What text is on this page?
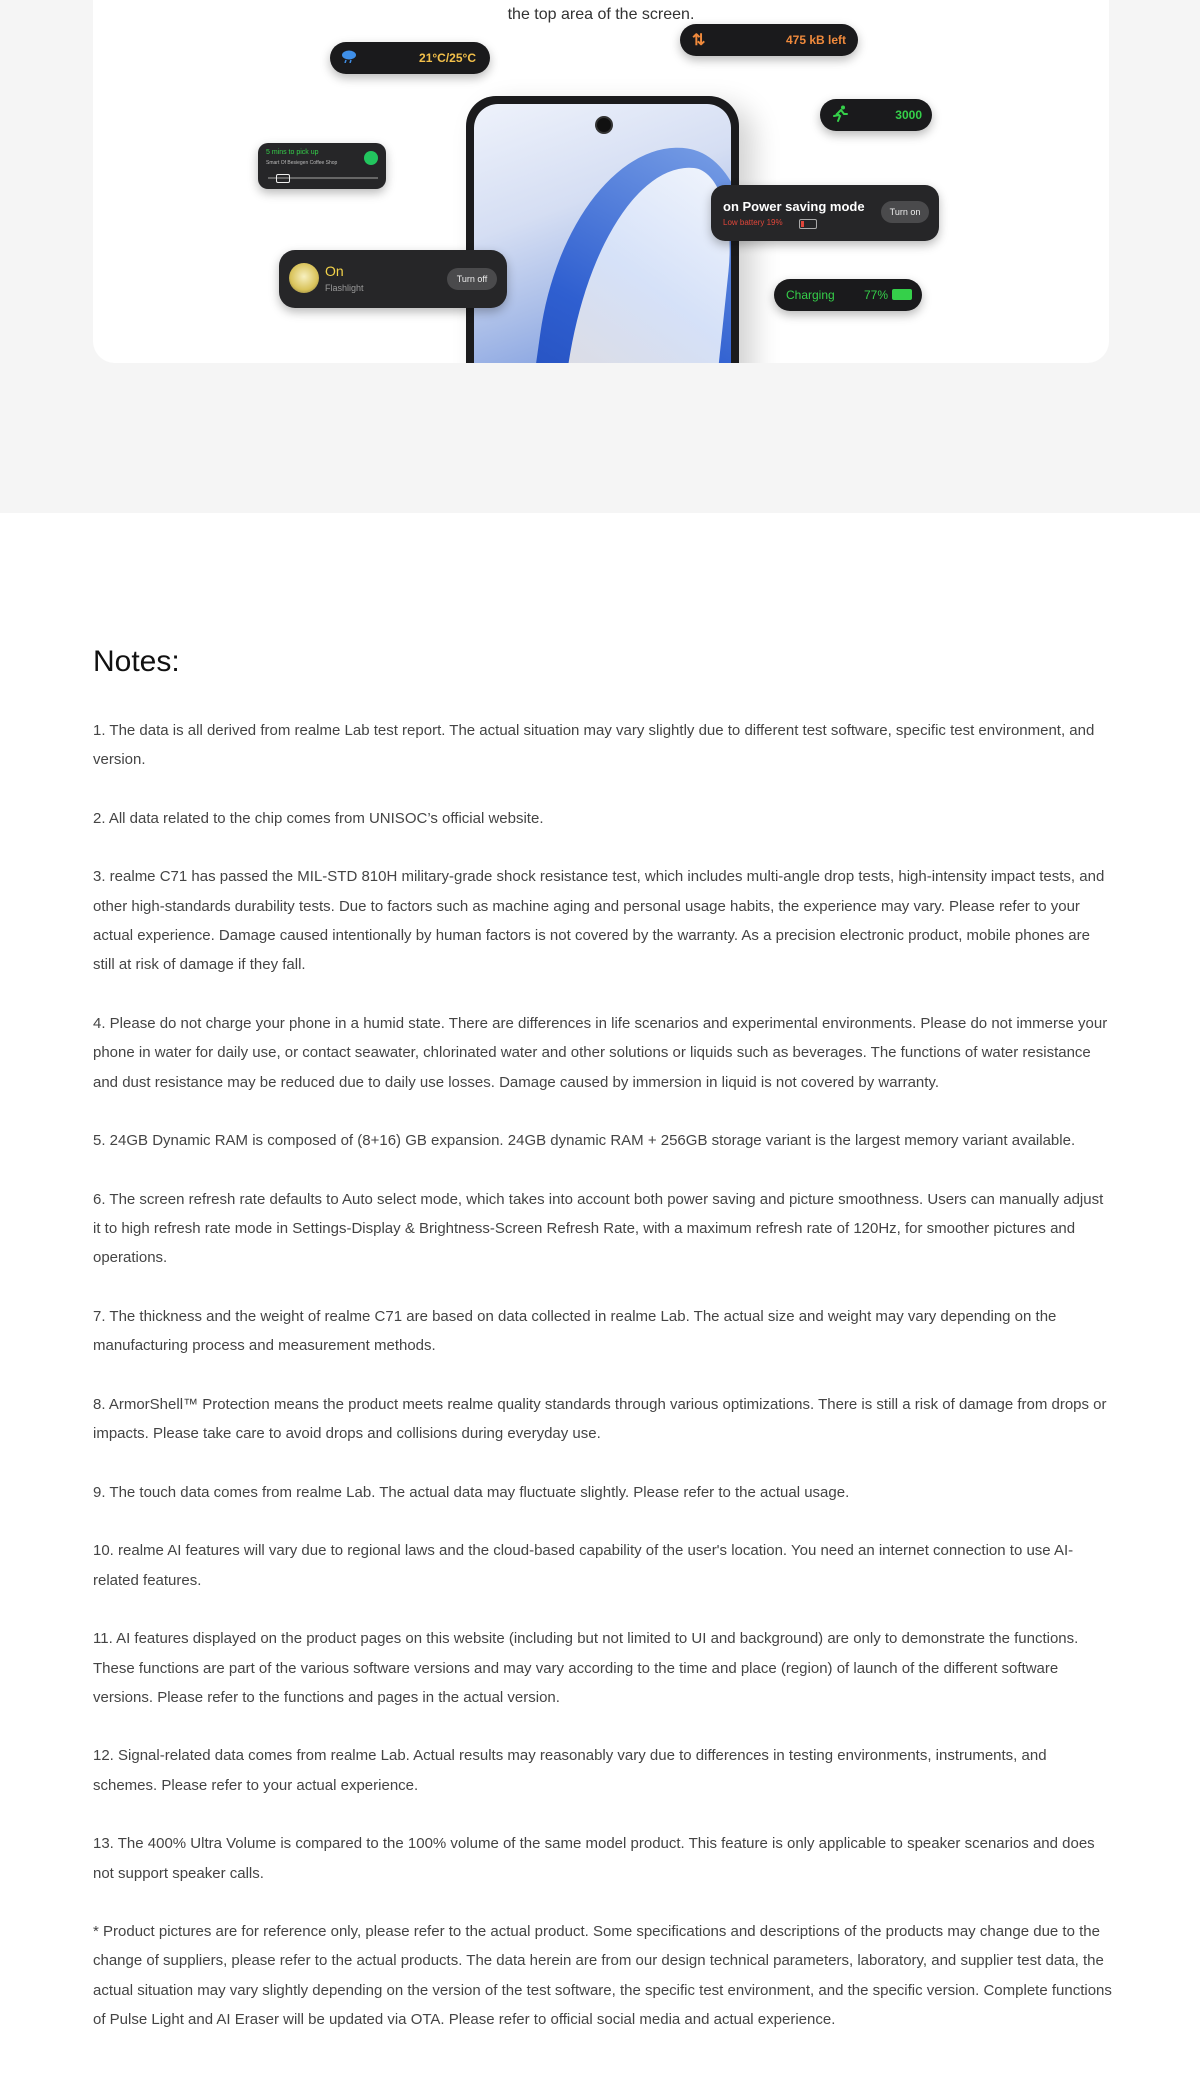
the top area of the screen.
21°C/25°C
⇅	475 kB left
3000
5 mins to pick up
Smart Of Besiegen Coffee Shop
On
Flashlight
Turn off
on Power saving mode
Low battery 19%
Turn on
Charging 77%
Notes:
1. The data is all derived from realme Lab test report. The actual situation may vary slightly due to different test software, specific test environment, and version.
2. All data related to the chip comes from UNISOC’s official website.
3. realme C71 has passed the MIL-STD 810H military-grade shock resistance test, which includes multi-angle drop tests, high-intensity impact tests, and other high-standards durability tests. Due to factors such as machine aging and personal usage habits, the experience may vary. Please refer to your actual experience. Damage caused intentionally by human factors is not covered by the warranty. As a precision electronic product, mobile phones are still at risk of damage if they fall.
4. Please do not charge your phone in a humid state. There are differences in life scenarios and experimental environments. Please do not immerse your phone in water for daily use, or contact seawater, chlorinated water and other solutions or liquids such as beverages. The functions of water resistance and dust resistance may be reduced due to daily use losses. Damage caused by immersion in liquid is not covered by warranty.
5. 24GB Dynamic RAM is composed of (8+16) GB expansion. 24GB dynamic RAM + 256GB storage variant is the largest memory variant available.
6. The screen refresh rate defaults to Auto select mode, which takes into account both power saving and picture smoothness. Users can manually adjust it to high refresh rate mode in Settings-Display & Brightness-Screen Refresh Rate, with a maximum refresh rate of 120Hz, for smoother pictures and operations.
7. The thickness and the weight of realme C71 are based on data collected in realme Lab. The actual size and weight may vary depending on the manufacturing process and measurement methods.
8. ArmorShell™ Protection means the product meets realme quality standards through various optimizations. There is still a risk of damage from drops or impacts. Please take care to avoid drops and collisions during everyday use.
9. The touch data comes from realme Lab. The actual data may fluctuate slightly. Please refer to the actual usage.
10. realme AI features will vary due to regional laws and the cloud-based capability of the user's location. You need an internet connection to use AI-related features.
11. AI features displayed on the product pages on this website (including but not limited to UI and background) are only to demonstrate the functions. These functions are part of the various software versions and may vary according to the time and place (region) of launch of the different software versions. Please refer to the functions and pages in the actual version.
12. Signal-related data comes from realme Lab. Actual results may reasonably vary due to differences in testing environments, instruments, and schemes. Please refer to your actual experience.
13. The 400% Ultra Volume is compared to the 100% volume of the same model product. This feature is only applicable to speaker scenarios and does not support speaker calls.
* Product pictures are for reference only, please refer to the actual product. Some specifications and descriptions of the products may change due to the change of suppliers, please refer to the actual products. The data herein are from our design technical parameters, laboratory, and supplier test data, the actual situation may vary slightly depending on the version of the test software, the specific test environment, and the specific version. Complete functions of Pulse Light and AI Eraser will be updated via OTA. Please refer to official social media and actual experience.
